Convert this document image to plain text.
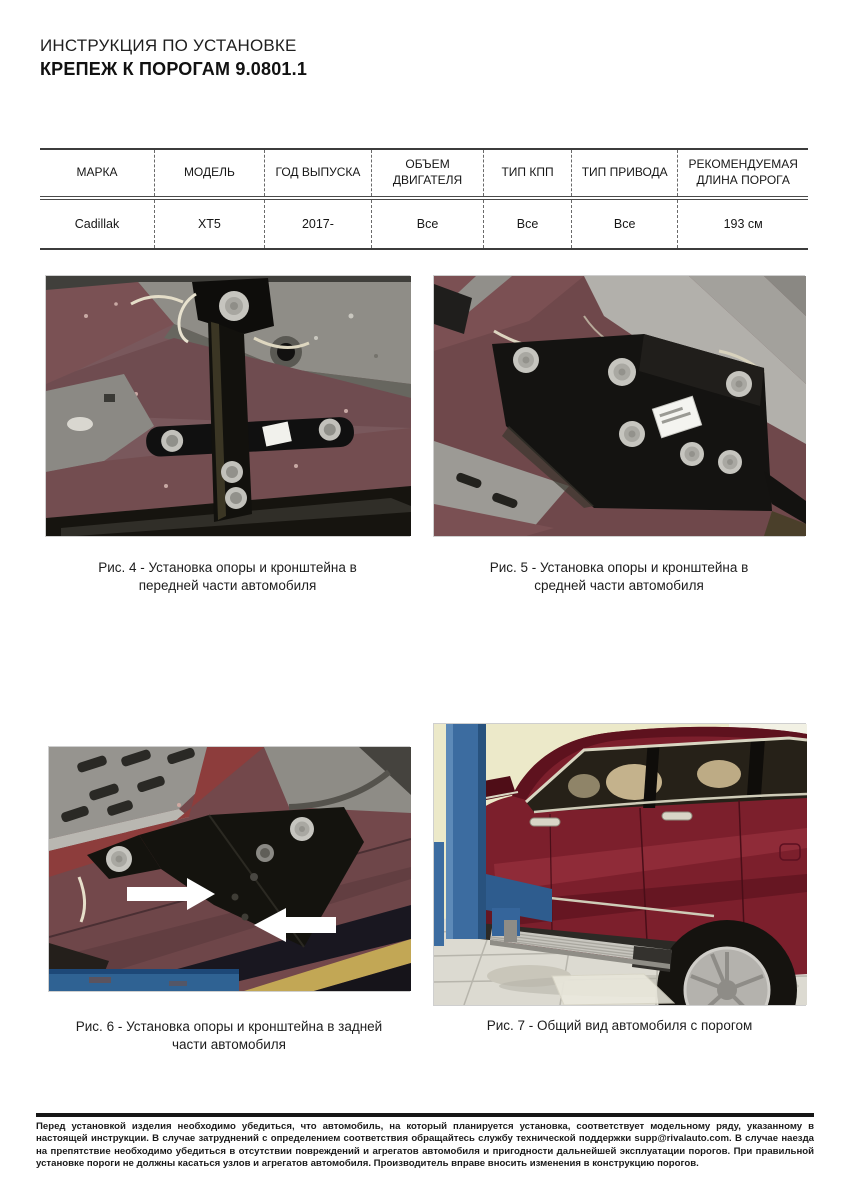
ИНСТРУКЦИЯ ПО УСТАНОВКЕ
КРЕПЕЖ К ПОРОГАМ 9.0801.1
МАРКА	МОДЕЛЬ	ГОД ВЫПУСКА	ОБЪЕМ ДВИГАТЕЛЯ	ТИП КПП	ТИП ПРИВОДА	РЕКОМЕНДУЕМАЯ ДЛИНА ПОРОГА
Cadillak	XT5	2017-	Все	Все	Все	193 см
Рис. 4 - Установка опоры и кронштейна в передней части автомобиля
Рис. 5 - Установка опоры и кронштейна в средней части автомобиля
Рис. 6 - Установка опоры и кронштейна в задней части автомобиля
Рис. 7 - Общий вид автомобиля с порогом

Перед установкой изделия необходимо убедиться, что автомобиль, на который планируется установка, соответствует модельному ряду, указанному в настоящей инструкции. В случае затруднений с определением соответствия обращайтесь службу технической поддержки supp@rivalauto.com. В случае наезда на препятствие необходимо убедиться в отсутствии повреждений и агрегатов автомобиля и пригодности дальнейшей эксплуатации порогов. При правильной установке пороги не должны касаться узлов и агрегатов автомобиля. Производитель вправе вносить изменения в конструкцию порогов.
